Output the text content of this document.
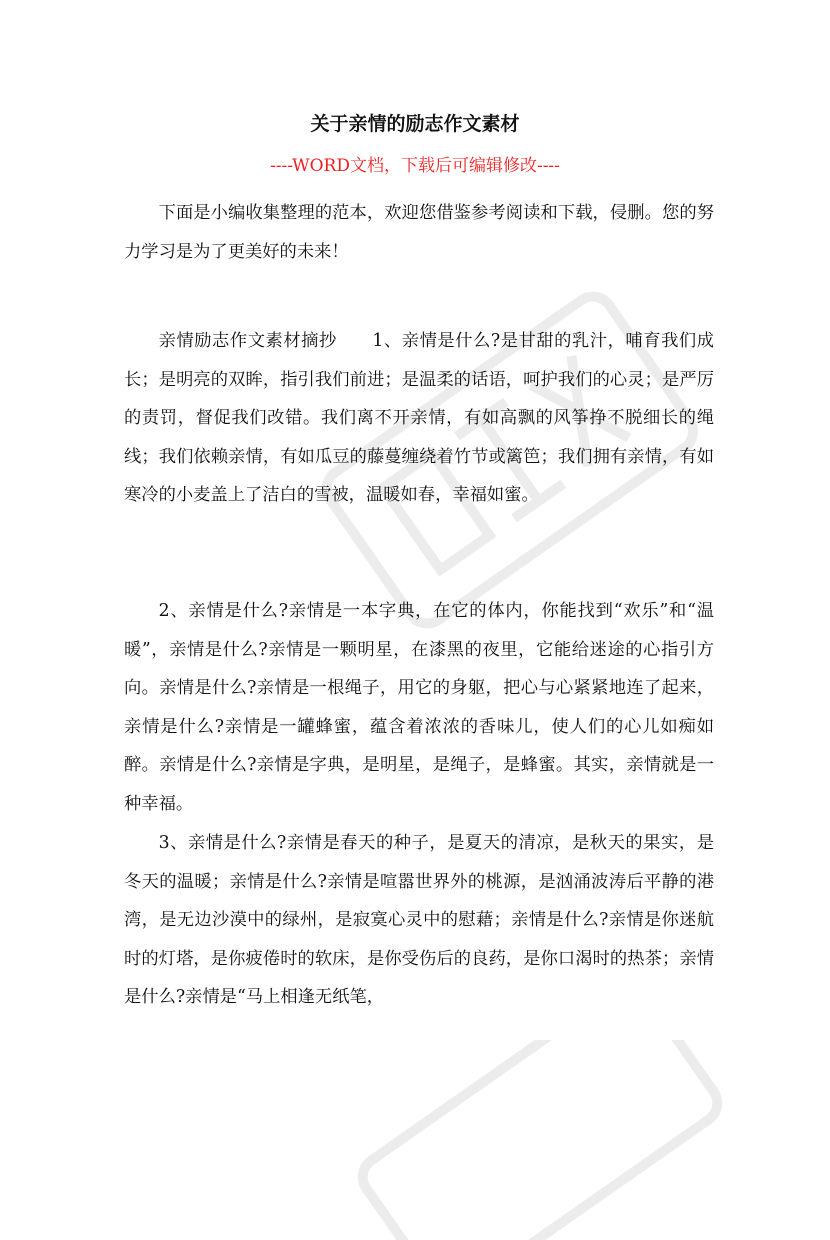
关于亲情的励志作文素材

----WORD文档，下载后可编辑修改----

下面是小编收集整理的范本，欢迎您借鉴参考阅读和下载，侵删。您的努力学习是为了更美好的未来！

亲情励志作文素材摘抄　　1、亲情是什么?是甘甜的乳汁，哺育我们成长；是明亮的双眸，指引我们前进；是温柔的话语，呵护我们的心灵；是严厉的责罚，督促我们改错。我们离不开亲情，有如高飘的风筝挣不脱细长的绳线；我们依赖亲情，有如瓜豆的藤蔓缠绕着竹节或篱笆；我们拥有亲情，有如寒冷的小麦盖上了洁白的雪被，温暖如春，幸福如蜜。

2、亲情是什么?亲情是一本字典，在它的体内，你能找到“欢乐”和“温暖”，亲情是什么?亲情是一颗明星，在漆黑的夜里，它能给迷途的心指引方向。亲情是什么?亲情是一根绳子，用它的身躯，把心与心紧紧地连了起来，亲情是什么?亲情是一罐蜂蜜，蕴含着浓浓的香味儿，使人们的心儿如痴如醉。亲情是什么?亲情是字典，是明星，是绳子，是蜂蜜。其实，亲情就是一种幸福。

3、亲情是什么?亲情是春天的种子，是夏天的清凉，是秋天的果实，是冬天的温暖；亲情是什么?亲情是喧嚣世界外的桃源，是汹涌波涛后平静的港湾，是无边沙漠中的绿州，是寂寞心灵中的慰藉；亲情是什么?亲情是你迷航时的灯塔，是你疲倦时的软床，是你受伤后的良药，是你口渴时的热茶；亲情是什么?亲情是“马上相逢无纸笔，
